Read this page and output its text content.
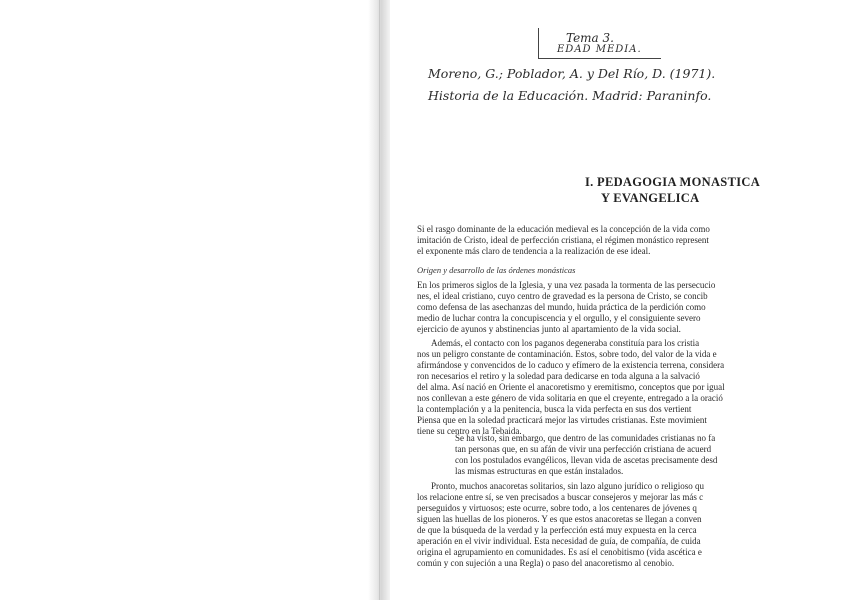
Tema 3.
EDAD MEDIA.
Moreno, G.; Poblador, A. y Del Río, D. (1971).
Historia de la Educación. Madrid: Paraninfo.
I. PEDAGOGIA MONASTICA
Y EVANGELICA
Si el rasgo dominante de la educación medieval es la concepción de la vida como
imitación de Cristo, ideal de perfección cristiana, el régimen monástico represent
el exponente más claro de tendencia a la realización de ese ideal.
Origen y desarrollo de las órdenes monásticas
En los primeros siglos de la Iglesia, y una vez pasada la tormenta de las persecucio
nes, el ideal cristiano, cuyo centro de gravedad es la persona de Cristo, se concib
como defensa de las asechanzas del mundo, huida práctica de la perdición como
medio de luchar contra la concupiscencia y el orgullo, y el consiguiente severo
ejercicio de ayunos y abstinencias junto al apartamiento de la vida social.
Además, el contacto con los paganos degeneraba constituía para los cristia
nos un peligro constante de contaminación. Estos, sobre todo, del valor de la vida e
afirmándose y convencidos de lo caduco y efímero de la existencia terrena, considera
ron necesarios el retiro y la soledad para dedicarse en toda alguna a la salvació
del alma. Así nació en Oriente el anacoretismo y eremitismo, conceptos que por igual
nos conllevan a este género de vida solitaria en que el creyente, entregado a la oració
la contemplación y a la penitencia, busca la vida perfecta en sus dos vertient
Piensa que en la soledad practicará mejor las virtudes cristianas. Este movimient
tiene su centro en la Tebaida.
Se ha visto, sin embargo, que dentro de las comunidades cristianas no fa
tan personas que, en su afán de vivir una perfección cristiana de acuerd
con los postulados evangélicos, llevan vida de ascetas precisamente desd
las mismas estructuras en que están instalados.
Pronto, muchos anacoretas solitarios, sin lazo alguno jurídico o religioso qu
los relacione entre sí, se ven precisados a buscar consejeros y mejorar las más c
perseguidos y virtuosos; este ocurre, sobre todo, a los centenares de jóvenes q
siguen las huellas de los pioneros. Y es que estos anacoretas se llegan a conven
de que la búsqueda de la verdad y la perfección está muy expuesta en la cerca
aperación en el vivir individual. Esta necesidad de guía, de compañía, de cuida
origina el agrupamiento en comunidades. Es así el cenobitismo (vida ascética e
común y con sujeción a una Regla) o paso del anacoretismo al cenobio.
